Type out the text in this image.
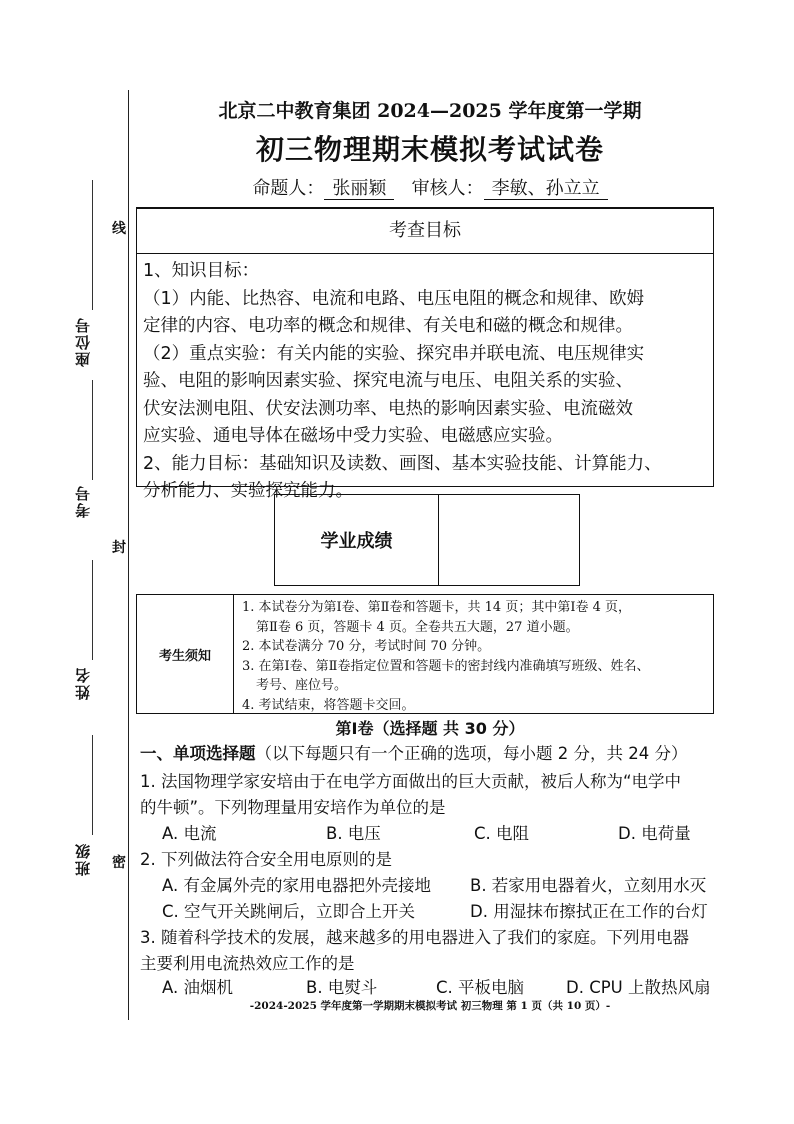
线
封
密
座位号
考号
姓名
班级
北京二中教育集团 2024—2025 学年度第一学期
初三物理期末模拟考试试卷
命题人： 张丽颖 审核人： 李敏、孙立立
考查目标
1、知识目标：
（1）内能、比热容、电流和电路、电压电阻的概念和规律、欧姆
定律的内容、电功率的概念和规律、有关电和磁的概念和规律。
（2）重点实验：有关内能的实验、探究串并联电流、电压规律实
验、电阻的影响因素实验、探究电流与电压、电阻关系的实验、
伏安法测电阻、伏安法测功率、电热的影响因素实验、电流磁效
应实验、通电导体在磁场中受力实验、电磁感应实验。
2、能力目标：基础知识及读数、画图、基本实验技能、计算能力、
分析能力、实验探究能力。
学业成绩
考生须知
1. 本试卷分为第Ⅰ卷、第Ⅱ卷和答题卡，共 14 页；其中第Ⅰ卷 4 页，
第Ⅱ卷 6 页，答题卡 4 页。全卷共五大题，27 道小题。
2. 本试卷满分 70 分，考试时间 70 分钟。
3. 在第Ⅰ卷、第Ⅱ卷指定位置和答题卡的密封线内准确填写班级、姓名、
考号、座位号。
4. 考试结束，将答题卡交回。
第Ⅰ卷（选择题 共 30 分）
一、单项选择题（以下每题只有一个正确的选项，每小题 2 分，共 24 分）
1. 法国物理学家安培由于在电学方面做出的巨大贡献，被后人称为“电学中
的牛顿”。下列物理量用安培作为单位的是
A. 电流	B. 电压	C. 电阻	D. 电荷量
2. 下列做法符合安全用电原则的是
A. 有金属外壳的家用电器把外壳接地 B. 若家用电器着火，立刻用水灭
C. 空气开关跳闸后，立即合上开关	D. 用湿抹布擦拭正在工作的台灯
3. 随着科学技术的发展，越来越多的用电器进入了我们的家庭。下列用电器
主要利用电流热效应工作的是
A. 油烟机	B. 电熨斗	C. 平板电脑	D. CPU 上散热风扇
-2024-2025 学年度第一学期期末模拟考试 初三物理 第 1 页（共 10 页）-
